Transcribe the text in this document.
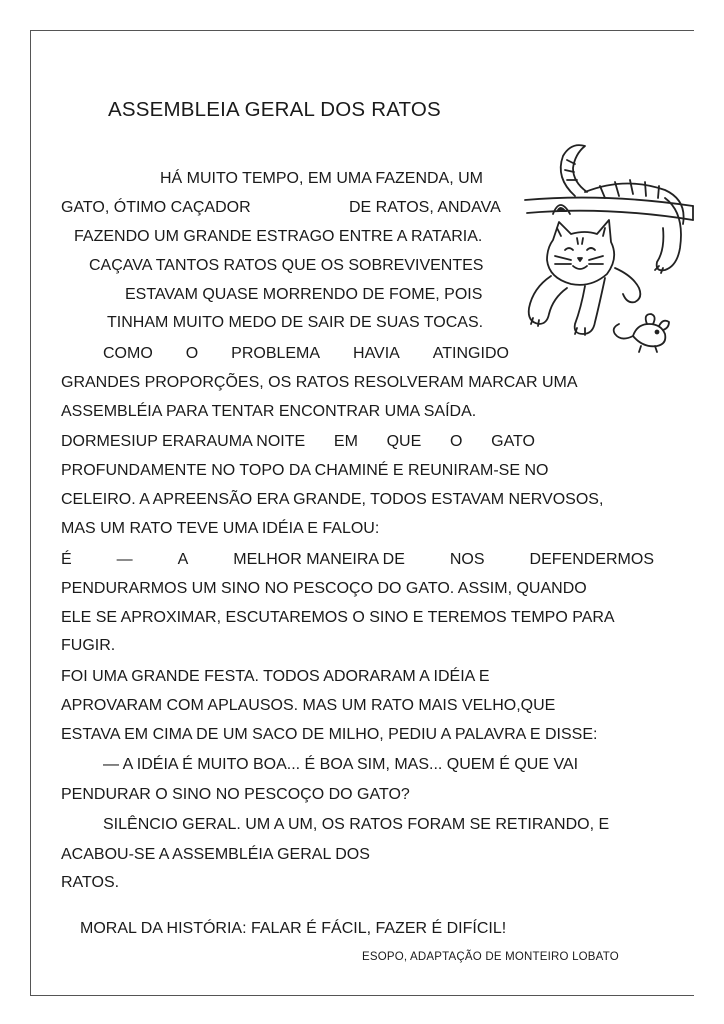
ASSEMBLEIA GERAL DOS RATOS
HÁ MUITO TEMPO, EM UMA FAZENDA, UM
GATO, ÓTIMO CAÇADOR	DE RATOS, ANDAVA
FAZENDO UM GRANDE ESTRAGO ENTRE A RATARIA.
CAÇAVA TANTOS RATOS QUE OS SOBREVIVENTES
ESTAVAM QUASE MORRENDO DE FOME, POIS
TINHAM MUITO MEDO DE SAIR DE SUAS TOCAS.
COMO O PROBLEMA HAVIA ATINGIDO
GRANDES PROPORÇÕES, OS RATOS RESOLVERAM MARCAR UMA
ASSEMBLÉIA PARA TENTAR ENCONTRAR UMA SAÍDA.
DORMESIUP ERARAUMA NOITE EM QUE O GATO
PROFUNDAMENTE NO TOPO DA CHAMINÉ E REUNIRAM-SE NO
CELEIRO. A APREENSÃO ERA GRANDE, TODOS ESTAVAM NERVOSOS,
MAS UM RATO TEVE UMA IDÉIA E FALOU:
É	—	A	MELHOR MANEIRA DE	NOS	DEFENDERMOS
PENDURARMOS UM SINO NO PESCOÇO DO GATO. ASSIM, QUANDO
ELE SE APROXIMAR, ESCUTAREMOS O SINO E TEREMOS TEMPO PARA
FUGIR.
FOI UMA GRANDE FESTA. TODOS ADORARAM A IDÉIA E
APROVARAM COM APLAUSOS. MAS UM RATO MAIS VELHO,QUE
ESTAVA EM CIMA DE UM SACO DE MILHO, PEDIU A PALAVRA E DISSE:
— A IDÉIA É MUITO BOA... É BOA SIM, MAS... QUEM É QUE VAI
PENDURAR O SINO NO PESCOÇO DO GATO?
SILÊNCIO GERAL. UM A UM, OS RATOS FORAM SE RETIRANDO, E
ACABOU-SE A ASSEMBLÉIA GERAL DOS
RATOS.
MORAL DA HISTÓRIA: FALAR É FÁCIL, FAZER É DIFÍCIL!
ESOPO, ADAPTAÇÃO DE MONTEIRO LOBATO
